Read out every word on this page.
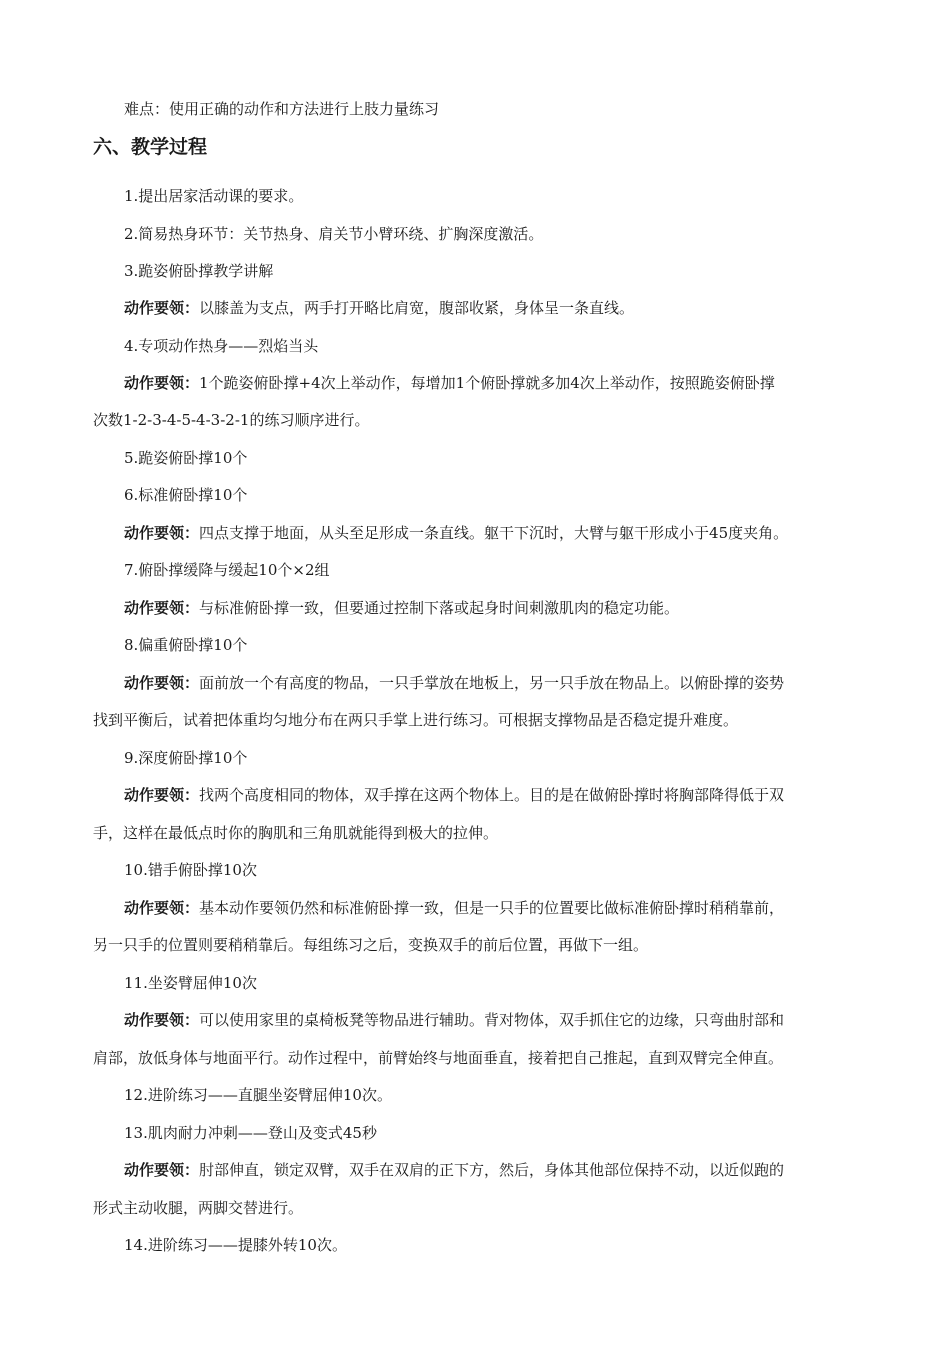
难点：使用正确的动作和方法进行上肢力量练习
六、教学过程
1.提出居家活动课的要求。
2.简易热身环节：关节热身、肩关节小臂环绕、扩胸深度激活。
3.跪姿俯卧撑教学讲解
动作要领：以膝盖为支点，两手打开略比肩宽，腹部收紧，身体呈一条直线。
4.专项动作热身——烈焰当头
动作要领：1个跪姿俯卧撑+4次上举动作，每增加1个俯卧撑就多加4次上举动作，按照跪姿俯卧撑
次数1-2-3-4-5-4-3-2-1的练习顺序进行。
5.跪姿俯卧撑10个
6.标准俯卧撑10个
动作要领：四点支撑于地面，从头至足形成一条直线。躯干下沉时，大臂与躯干形成小于45度夹角。
7.俯卧撑缓降与缓起10个×2组
动作要领：与标准俯卧撑一致，但要通过控制下落或起身时间刺激肌肉的稳定功能。
8.偏重俯卧撑10个
动作要领：面前放一个有高度的物品，一只手掌放在地板上，另一只手放在物品上。以俯卧撑的姿势
找到平衡后，试着把体重均匀地分布在两只手掌上进行练习。可根据支撑物品是否稳定提升难度。
9.深度俯卧撑10个
动作要领：找两个高度相同的物体，双手撑在这两个物体上。目的是在做俯卧撑时将胸部降得低于双
手，这样在最低点时你的胸肌和三角肌就能得到极大的拉伸。
10.错手俯卧撑10次
动作要领：基本动作要领仍然和标准俯卧撑一致，但是一只手的位置要比做标准俯卧撑时稍稍靠前，
另一只手的位置则要稍稍靠后。每组练习之后，变换双手的前后位置，再做下一组。
11.坐姿臂屈伸10次
动作要领：可以使用家里的桌椅板凳等物品进行辅助。背对物体，双手抓住它的边缘，只弯曲肘部和
肩部，放低身体与地面平行。动作过程中，前臂始终与地面垂直，接着把自己推起，直到双臂完全伸直。
12.进阶练习——直腿坐姿臂屈伸10次。
13.肌肉耐力冲刺——登山及变式45秒
动作要领：肘部伸直，锁定双臂，双手在双肩的正下方，然后，身体其他部位保持不动，以近似跑的
形式主动收腿，两脚交替进行。
14.进阶练习——提膝外转10次。
